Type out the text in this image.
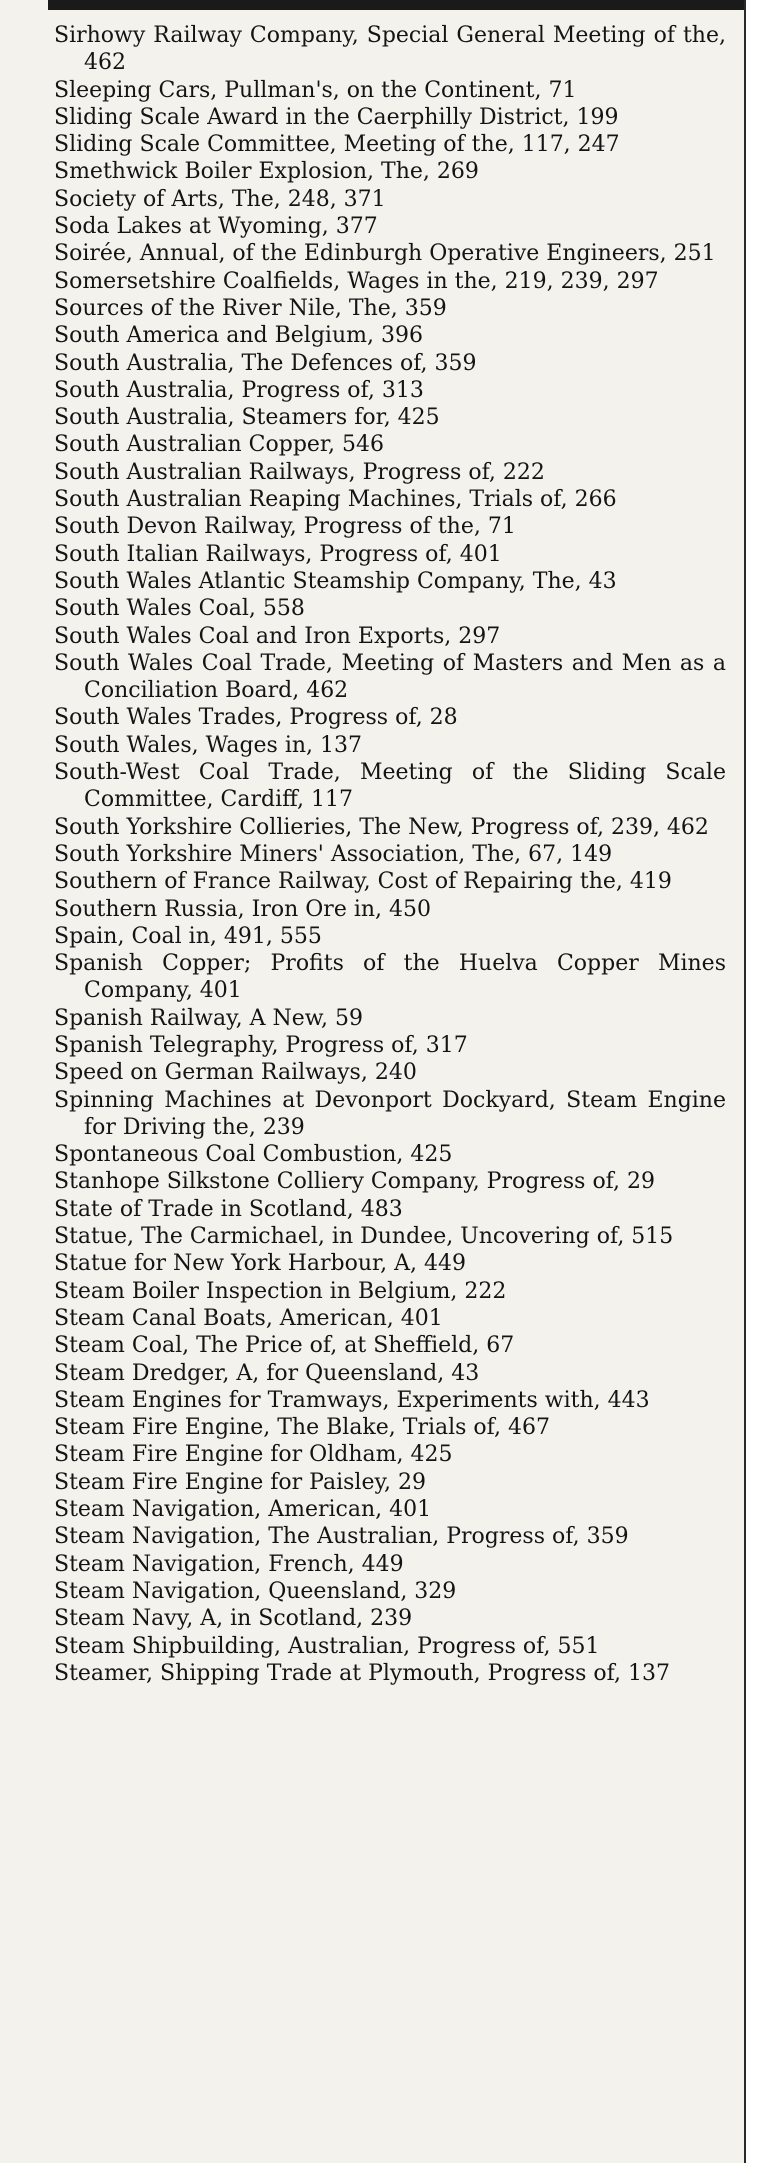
Sirhowy Railway Company, Special General Meeting of the, 462
Sleeping Cars, Pullman's, on the Continent, 71
Sliding Scale Award in the Caerphilly District, 199
Sliding Scale Committee, Meeting of the, 117, 247
Smethwick Boiler Explosion, The, 269
Society of Arts, The, 248, 371
Soda Lakes at Wyoming, 377
Soirée, Annual, of the Edinburgh Operative Engineers, 251
Somersetshire Coalfields, Wages in the, 219, 239, 297
Sources of the River Nile, The, 359
South America and Belgium, 396
South Australia, The Defences of, 359
South Australia, Progress of, 313
South Australia, Steamers for, 425
South Australian Copper, 546
South Australian Railways, Progress of, 222
South Australian Reaping Machines, Trials of, 266
South Devon Railway, Progress of the, 71
South Italian Railways, Progress of, 401
South Wales Atlantic Steamship Company, The, 43
South Wales Coal, 558
South Wales Coal and Iron Exports, 297
South Wales Coal Trade, Meeting of Masters and Men as a Conciliation Board, 462
South Wales Trades, Progress of, 28
South Wales, Wages in, 137
South-West Coal Trade, Meeting of the Sliding Scale Committee, Cardiff, 117
South Yorkshire Collieries, The New, Progress of, 239, 462
South Yorkshire Miners' Association, The, 67, 149
Southern of France Railway, Cost of Repairing the, 419
Southern Russia, Iron Ore in, 450
Spain, Coal in, 491, 555
Spanish Copper; Profits of the Huelva Copper Mines Company, 401
Spanish Railway, A New, 59
Spanish Telegraphy, Progress of, 317
Speed on German Railways, 240
Spinning Machines at Devonport Dockyard, Steam Engine for Driving the, 239
Spontaneous Coal Combustion, 425
Stanhope Silkstone Colliery Company, Progress of, 29
State of Trade in Scotland, 483
Statue, The Carmichael, in Dundee, Uncovering of, 515
Statue for New York Harbour, A, 449
Steam Boiler Inspection in Belgium, 222
Steam Canal Boats, American, 401
Steam Coal, The Price of, at Sheffield, 67
Steam Dredger, A, for Queensland, 43
Steam Engines for Tramways, Experiments with, 443
Steam Fire Engine, The Blake, Trials of, 467
Steam Fire Engine for Oldham, 425
Steam Fire Engine for Paisley, 29
Steam Navigation, American, 401
Steam Navigation, The Australian, Progress of, 359
Steam Navigation, French, 449
Steam Navigation, Queensland, 329
Steam Navy, A, in Scotland, 239
Steam Shipbuilding, Australian, Progress of, 551
Steamer, Shipping Trade at Plymouth, Progress of, 137
